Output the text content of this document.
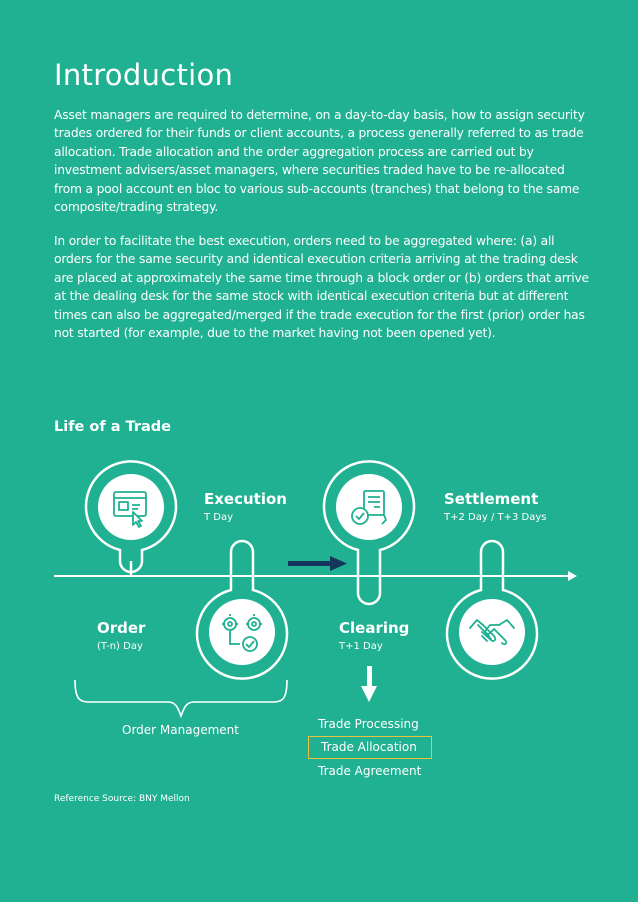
Introduction

Asset managers are required to determine, on a day-to-day basis, how to assign security trades ordered for their funds or client accounts, a process generally referred to as trade allocation. Trade allocation and the order aggregation process are carried out by investment advisers/asset managers, where securities traded have to be re-allocated from a pool account en bloc to various sub-accounts (tranches) that belong to the same composite/trading strategy.

In order to facilitate the best execution, orders need to be aggregated where: (a) all orders for the same security and identical execution criteria arriving at the trading desk are placed at approximately the same time through a block order or (b) orders that arrive at the dealing desk for the same stock with identical execution criteria but at different times can also be aggregated/merged if the trade execution for the first (prior) order has not started (for example, due to the market having not been opened yet).

Life of a Trade
Execution
T Day
Settlement
T+2 Day / T+3 Days
Order
(T-n) Day
Clearing
T+1 Day
Order Management	Trade Processing
Trade Allocation
Trade Agreement
Reference Source: BNY Mellon
